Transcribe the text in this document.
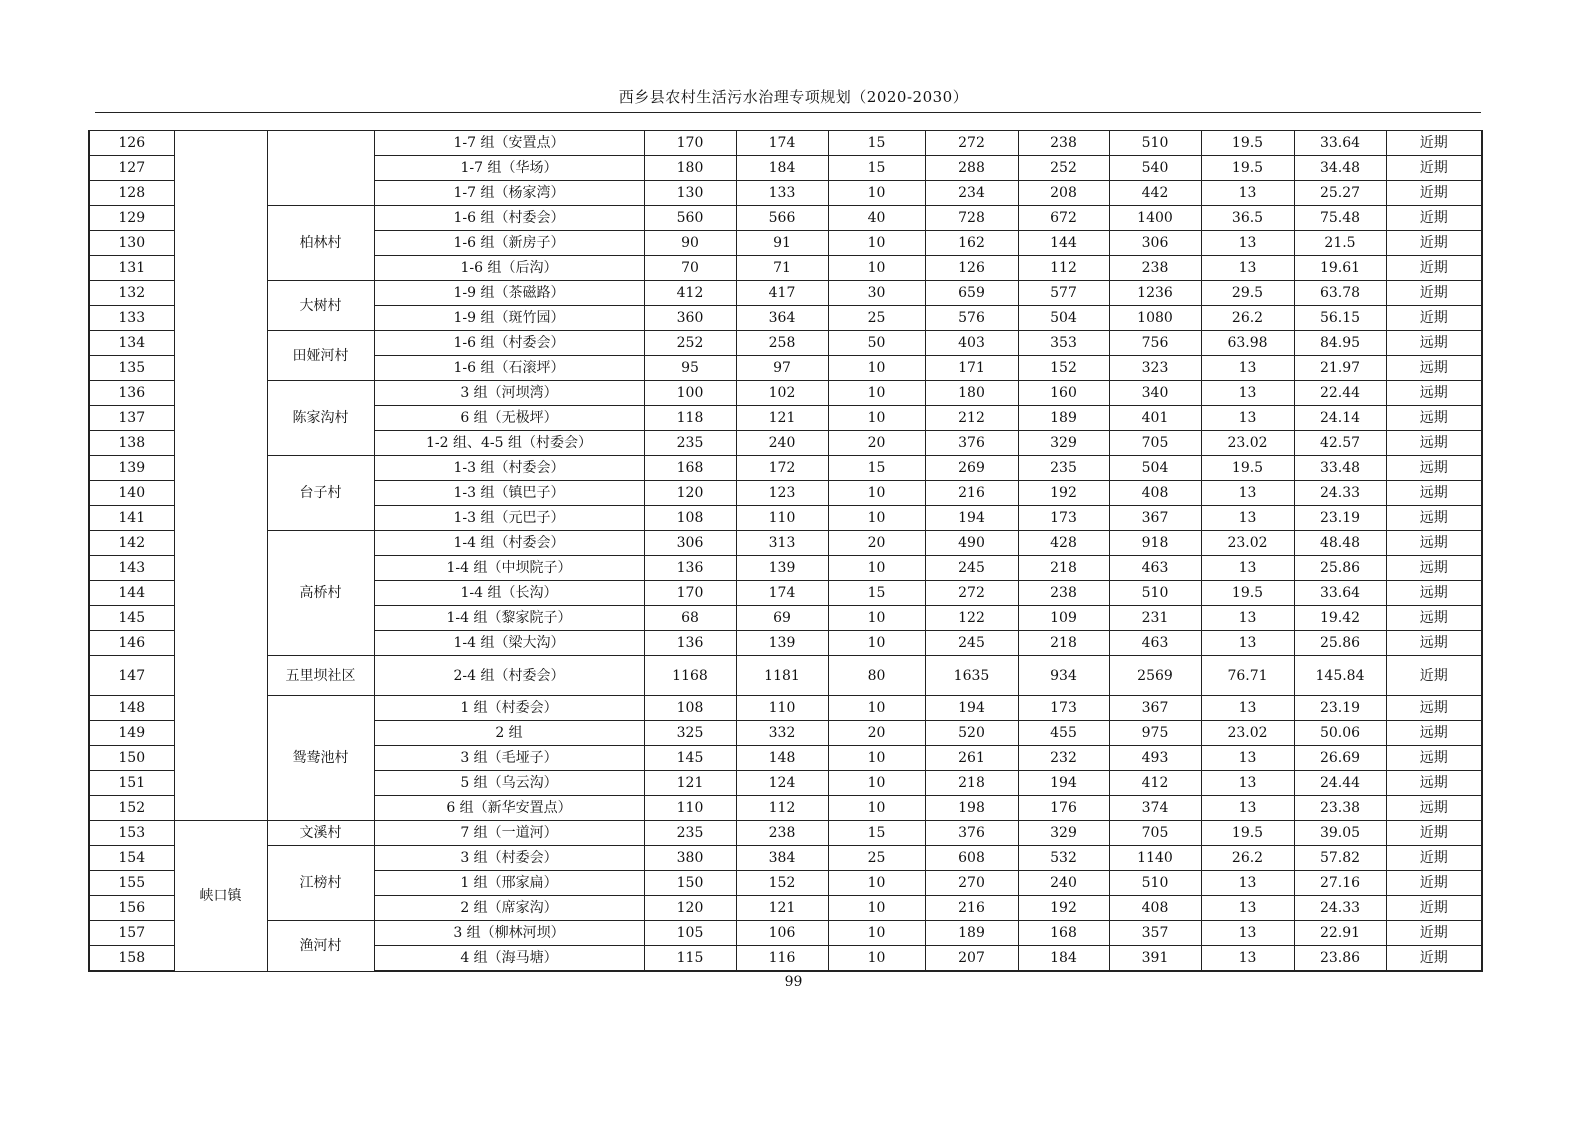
西乡县农村生活污水治理专项规划（2020-2030）
126			1-7 组（安置点）	170	174	15	272	238	510	19.5	33.64	近期
127			1-7 组（华场）	180	184	15	288	252	540	19.5	34.48	近期
128			1-7 组（杨家湾）	130	133	10	234	208	442	13	25.27	近期
129		柏林村	1-6 组（村委会）	560	566	40	728	672	1400	36.5	75.48	近期
130			1-6 组（新房子）	90	91	10	162	144	306	13	21.5	近期
131			1-6 组（后沟）	70	71	10	126	112	238	13	19.61	近期
132		大树村	1-9 组（茶磁路）	412	417	30	659	577	1236	29.5	63.78	近期
133			1-9 组（斑竹园）	360	364	25	576	504	1080	26.2	56.15	近期
134		田娅河村	1-6 组（村委会）	252	258	50	403	353	756	63.98	84.95	远期
135			1-6 组（石滚坪）	95	97	10	171	152	323	13	21.97	远期
136		陈家沟村	3 组（河坝湾）	100	102	10	180	160	340	13	22.44	远期
137			6 组（无极坪）	118	121	10	212	189	401	13	24.14	远期
138			1-2 组、4-5 组（村委会）	235	240	20	376	329	705	23.02	42.57	远期
139		台子村	1-3 组（村委会）	168	172	15	269	235	504	19.5	33.48	远期
140			1-3 组（镇巴子）	120	123	10	216	192	408	13	24.33	远期
141			1-3 组（元巴子）	108	110	10	194	173	367	13	23.19	远期
142		高桥村	1-4 组（村委会）	306	313	20	490	428	918	23.02	48.48	远期
143			1-4 组（中坝院子）	136	139	10	245	218	463	13	25.86	远期
144			1-4 组（长沟）	170	174	15	272	238	510	19.5	33.64	远期
145			1-4 组（黎家院子）	68	69	10	122	109	231	13	19.42	远期
146			1-4 组（梁大沟）	136	139	10	245	218	463	13	25.86	远期
147		五里坝社区	2-4 组（村委会）	1168	1181	80	1635	934	2569	76.71	145.84	近期
148		鸳鸯池村	1 组（村委会）	108	110	10	194	173	367	13	23.19	远期
149			2 组	325	332	20	520	455	975	23.02	50.06	远期
150			3 组（毛垭子）	145	148	10	261	232	493	13	26.69	远期
151			5 组（乌云沟）	121	124	10	218	194	412	13	24.44	远期
152			6 组（新华安置点）	110	112	10	198	176	374	13	23.38	远期
153	峡口镇	文溪村	7 组（一道河）	235	238	15	376	329	705	19.5	39.05	近期
154		江榜村	3 组（村委会）	380	384	25	608	532	1140	26.2	57.82	近期
155			1 组（邢家扁）	150	152	10	270	240	510	13	27.16	近期
156			2 组（席家沟）	120	121	10	216	192	408	13	24.33	近期
157		渔河村	3 组（柳林河坝）	105	106	10	189	168	357	13	22.91	近期
158			4 组（海马塘）	115	116	10	207	184	391	13	23.86	近期
99
